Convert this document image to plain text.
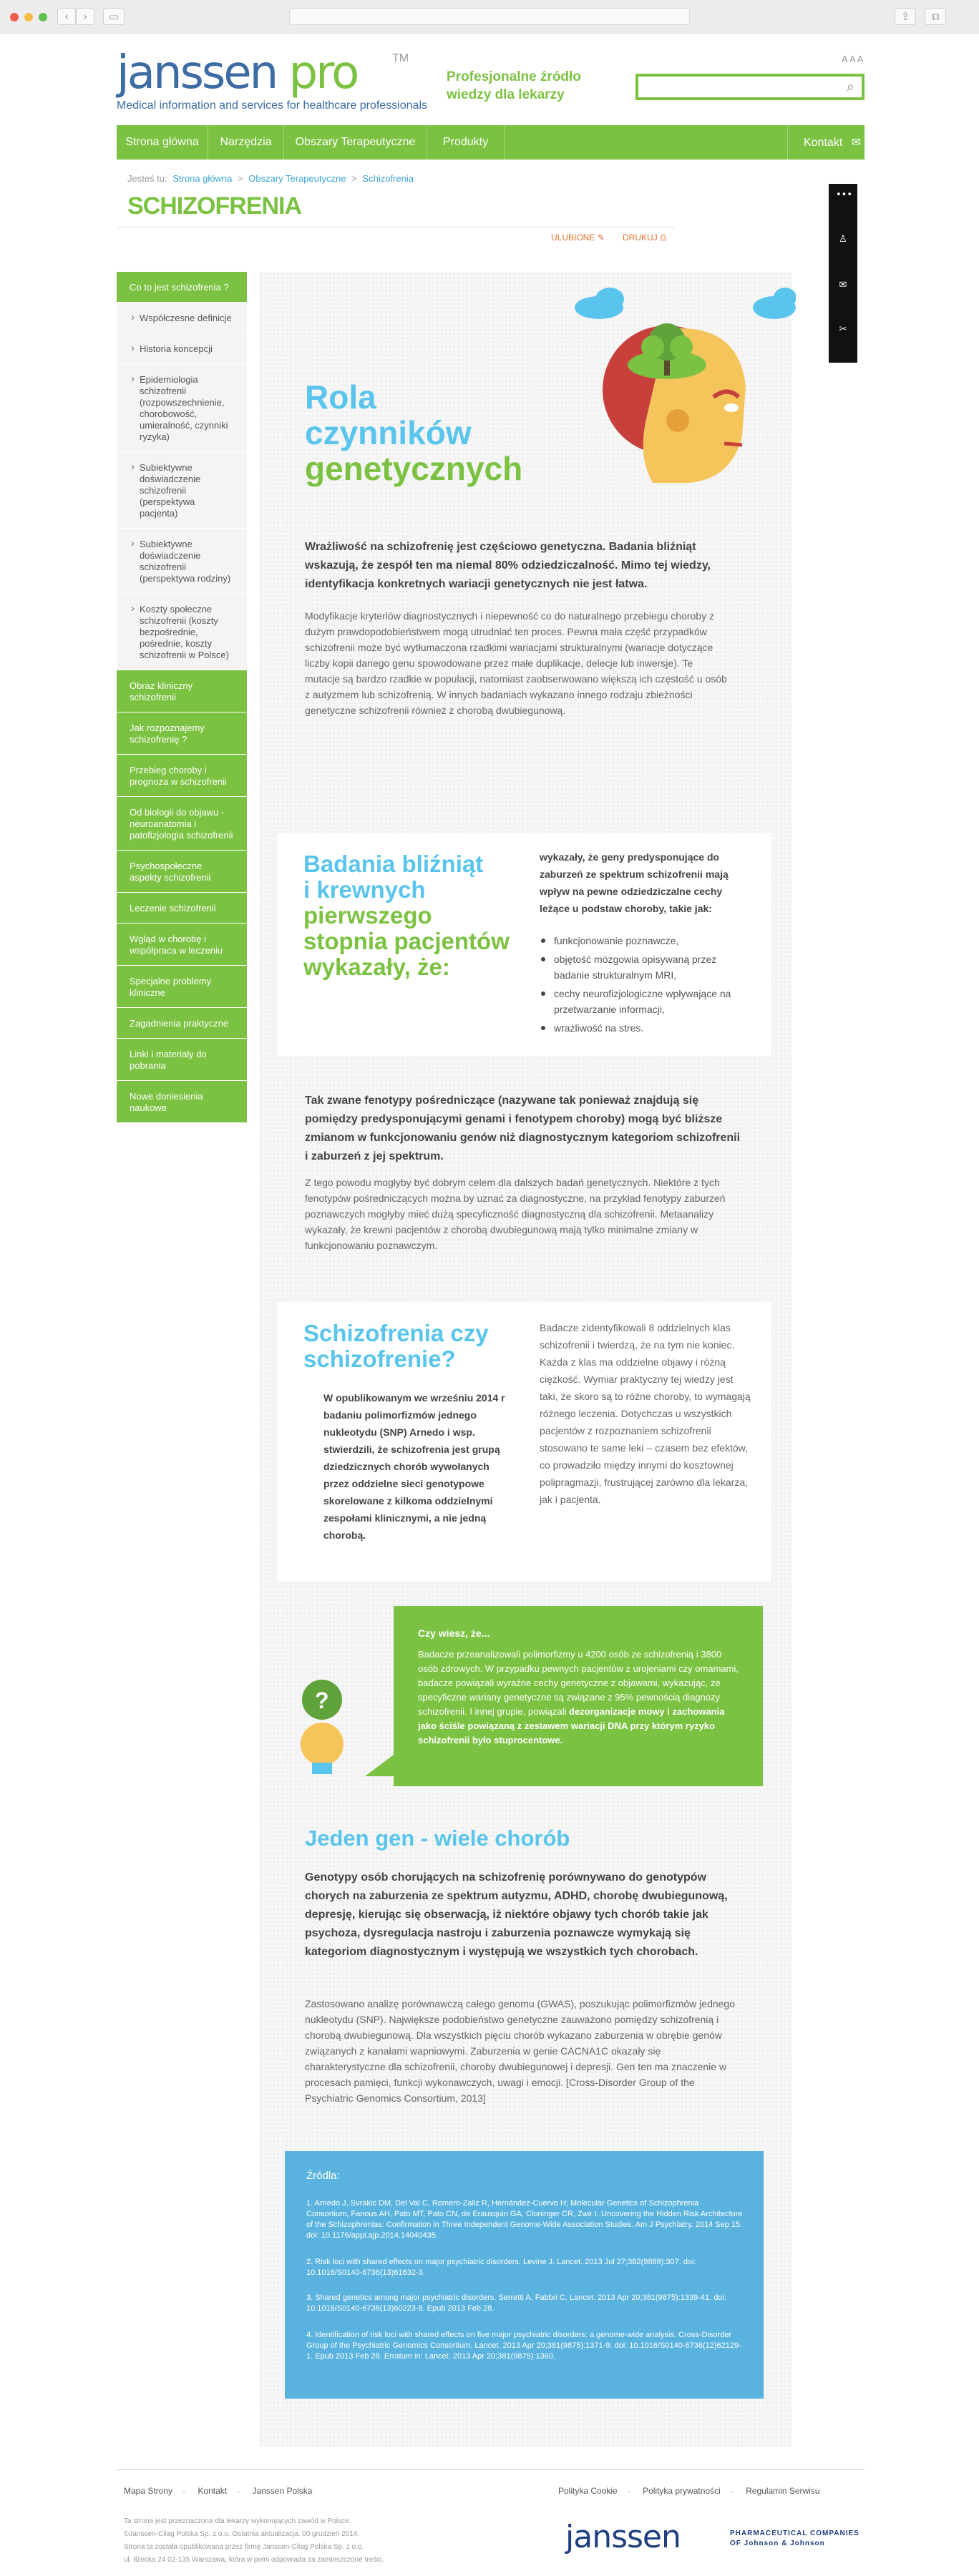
‹	›	▭	⇪	⧉
janssen pro	TM
Medical information and services for healthcare professionals
Profesjonalne źródło
wiedzy dla lekarzy
A A A
⌕
Strona główna	Narzędzia	Obszary Terapeutyczne	Produkty	Kontakt ✉
Jesteś tu: Strona główna > Obszary Terapeutyczne > Schizofrenia
SCHIZOFRENIA
ULUBIONE ✎ DRUKUJ ⎙
•••
♙
✉
✂
Co to jest schizofrenia ?
› Współczesne definicje
› Historia koncepcji
› Epidemiologia schizofrenii (rozpowszechnienie, chorobowość, umieralność, czynniki ryzyka)
› Subiektywne doświadczenie schizofrenii (perspektywa pacjenta)
› Subiektywne doświadczenie schizofrenii (perspektywa rodziny)
› Koszty społeczne schizofrenii (koszty bezpośrednie, pośrednie, koszty schizofrenii w Polsce)
Obraz kliniczny schizofrenii
Jak rozpoznajemy schizofrenię ?
Przebieg choroby i prognoza w schizofrenii
Od biologii do objawu - neuroanatomia i patofizjologia schizofrenii
Psychospołeczne aspekty schizofrenii
Leczenie schizofrenii
Wgląd w chorobę i współpraca w leczeniu
Specjalne problemy kliniczne
Zagadnienia praktyczne
Linki i materiały do pobrania
Nowe doniesienia naukowe
Rola
czynników
genetycznych
Wrażliwość na schizofrenię jest częściowo genetyczna. Badania bliźniąt wskazują, że zespół ten ma niemal 80% odziedziczalność. Mimo tej wiedzy, identyfikacja konkretnych wariacji genetycznych nie jest łatwa.
Modyfikacje kryteriów diagnostycznych i niepewność co do naturalnego przebiegu choroby z dużym prawdopodobieństwem mogą utrudniać ten proces. Pewna mała część przypadków schizofrenii może być wytłumaczona rzadkimi wariacjami strukturalnymi (wariacje dotyczące liczby kopii danego genu spowodowane przez małe duplikacje, delecje lub inwersje). Te mutacje są bardzo rzadkie w populacji, natomiast zaobserwowano większą ich częstość u osób z autyzmem lub schizofrenią. W innych badaniach wykazano innego rodzaju zbieżności genetyczne schizofrenii również z chorobą dwubiegunową.
Badania bliźniąt
i krewnych
pierwszego
stopnia pacjentów
wykazały, że:
wykazały, że geny predysponujące do zaburzeń ze spektrum schizofrenii mają wpływ na pewne odziedziczalne cechy leżące u podstaw choroby, takie jak:
funkcjonowanie poznawcze,
objętość mózgowia opisywaną przez badanie strukturalnym MRI,
cechy neurofizjologiczne wpływające na przetwarzanie informacji,
wrażliwość na stres.
Tak zwane fenotypy pośredniczące (nazywane tak ponieważ znajdują się pomiędzy predysponującymi genami i fenotypem choroby) mogą być bliższe zmianom w funkcjonowaniu genów niż diagnostycznym kategoriom schizofrenii i zaburzeń z jej spektrum.
Z tego powodu mogłyby być dobrym celem dla dalszych badań genetycznych. Niektóre z tych fenotypów pośredniczących można by uznać za diagnostyczne, na przykład fenotypy zaburzeń poznawczych mogłyby mieć dużą specyficzność diagnostyczną dla schizofrenii. Metaanalizy wykazały, że krewni pacjentów z chorobą dwubiegunową mają tylko minimalne zmiany w funkcjonowaniu poznawczym.
Schizofrenia czy
schizofrenie?
W opublikowanym we wrześniu 2014 r badaniu polimorfizmów jednego nukleotydu (SNP) Arnedo i wsp. stwierdzili, że schizofrenia jest grupą dziedzicznych chorób wywołanych przez oddzielne sieci genotypowe skorelowane z kilkoma oddzielnymi zespołami klinicznymi, a nie jedną chorobą.
Badacze zidentyfikowali 8 oddzielnych klas schizofrenii i twierdzą, że na tym nie koniec. Każda z klas ma oddzielne objawy i różną ciężkość. Wymiar praktyczny tej wiedzy jest taki, że skoro są to różne choroby, to wymagają różnego leczenia. Dotychczas u wszystkich pacjentów z rozpoznaniem schizofrenii stosowano te same leki – czasem bez efektów, co prowadziło między innymi do kosztownej polipragmazji, frustrującej zarówno dla lekarza, jak i pacjenta.
?
Czy wiesz, że...
Badacze przeanalizowali polimorfizmy u 4200 osób ze schizofrenią i 3800 osób zdrowych. W przypadku pewnych pacjentów z urojeniami czy omamami, badacze powiązali wyraźne cechy genetyczne z objawami, wykazując, ze specyficzne wariany genetyczne są związane z 95% pewnością diagnozy schizofrenii. I innej grupie, powiązali dezorganizacje mowy i zachowania jako ściśle powiązaną z zestawem wariacji DNA przy którym ryzyko schizofrenii było stuprocentowe.
Jeden gen - wiele chorób
Genotypy osób chorujących na schizofrenię porównywano do genotypów chorych na zaburzenia ze spektrum autyzmu, ADHD, chorobę dwubiegunową, depresję, kierując się obserwacją, iż niektóre objawy tych chorób takie jak psychoza, dysregulacja nastroju i zaburzenia poznawcze wymykają się kategoriom diagnostycznym i występują we wszystkich tych chorobach.
Zastosowano analizę porównawczą całego genomu (GWAS), poszukując polimorfizmów jednego nukleotydu (SNP). Największe podobieństwo genetyczne zauważono pomiędzy schizofrenią i chorobą dwubiegunową. Dla wszystkich pięciu chorób wykazano zaburzenia w obrębie genów związanych z kanałami wapniowymi. Zaburzenia w genie CACNA1C okazały się charakterystyczne dla schizofrenii, choroby dwubiegunowej i depresji. Gen ten ma znaczenie w procesach pamięci, funkcji wykonawczych, uwagi i emocji. [Cross-Disorder Group of the Psychiatric Genomics Consortium, 2013]
Źródła:
1. Arnedo J, Svrakic DM, Del Val C, Romero-Zaliz R, Hernández-Cuervo H; Molecular Genetics of Schizophrenia Consortium, Fanous AH, Pato MT, Pato CN, de Erausquin GA, Cloninger CR, Zwir I. Uncovering the Hidden Risk Architecture of the Schizophrenias: Confirmation in Three Independent Genome-Wide Association Studies. Am J Psychiatry. 2014 Sep 15. doi: 10.1176/appi.ajp.2014.14040435.
2. Risk loci with shared effects on major psychiatric disorders. Levine J. Lancet. 2013 Jul 27;382(9889):307. doi: 10.1016/S0140-6736(13)61632-3.
3. Shared genetics among major psychiatric disorders. Serretti A, Fabbri C. Lancet. 2013 Apr 20;381(9875):1339-41. doi: 10.1016/S0140-6736(13)60223-8. Epub 2013 Feb 28.
4. Identification of risk loci with shared effects on five major psychiatric disorders: a genome-wide analysis. Cross-Disorder Group of the Psychiatric Genomics Consortium. Lancet. 2013 Apr 20;381(9875):1371-9. doi: 10.1016/S0140-6736(12)62129-1. Epub 2013 Feb 28. Erratum in: Lancet. 2013 Apr 20;381(9875):1360.
Mapa Strony - Kontakt - Janssen Polska	Polityka Cookie - Polityka prywatności - Regulamin Serwisu
Ta strona jest przeznaczona dla lekarzy wykonujących zawód w Polsce.
©Janssen-Cilag Polska Sp. z o.o. Ostatnia aktualizacja: 00 grudzień 2014.
Strona ta została opublikowana przez firmę Janssen-Cilag Polska Sp. z o.o.
ul. Iłżecka 24 02-135 Warszawa, która w pełni odpowiada za zamieszczone treści.
janssen	PHARMACEUTICAL COMPANIES
OF Johnson & Johnson
